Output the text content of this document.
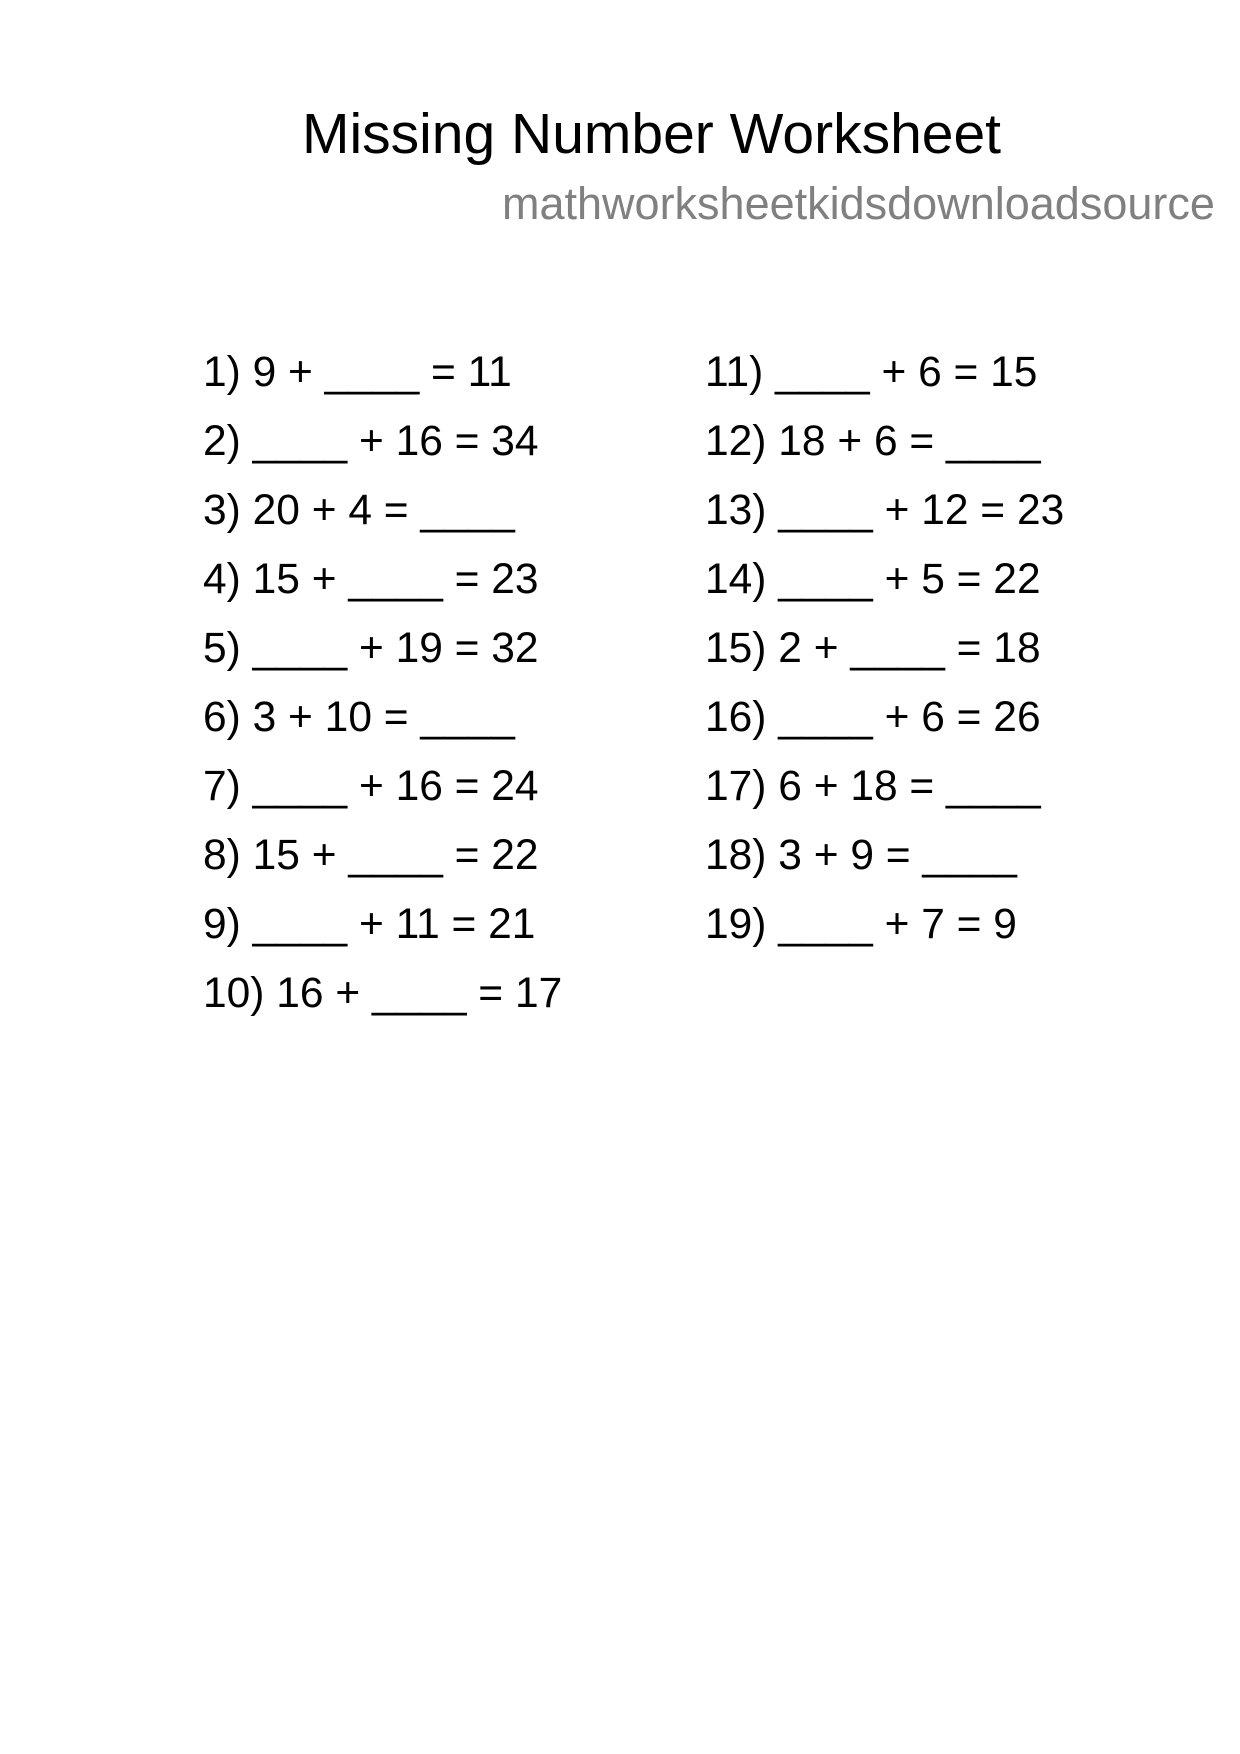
Missing Number Worksheet
mathworksheetkidsdownloadsource
1) 9 + ____ = 11
2) ____ + 16 = 34
3) 20 + 4 = ____
4) 15 + ____ = 23
5) ____ + 19 = 32
6) 3 + 10 = ____
7) ____ + 16 = 24
8) 15 + ____ = 22
9) ____ + 11 = 21
10) 16 + ____ = 17
11) ____ + 6 = 15
12) 18 + 6 = ____
13) ____ + 12 = 23
14) ____ + 5 = 22
15) 2 + ____ = 18
16) ____ + 6 = 26
17) 6 + 18 = ____
18) 3 + 9 = ____
19) ____ + 7 = 9
